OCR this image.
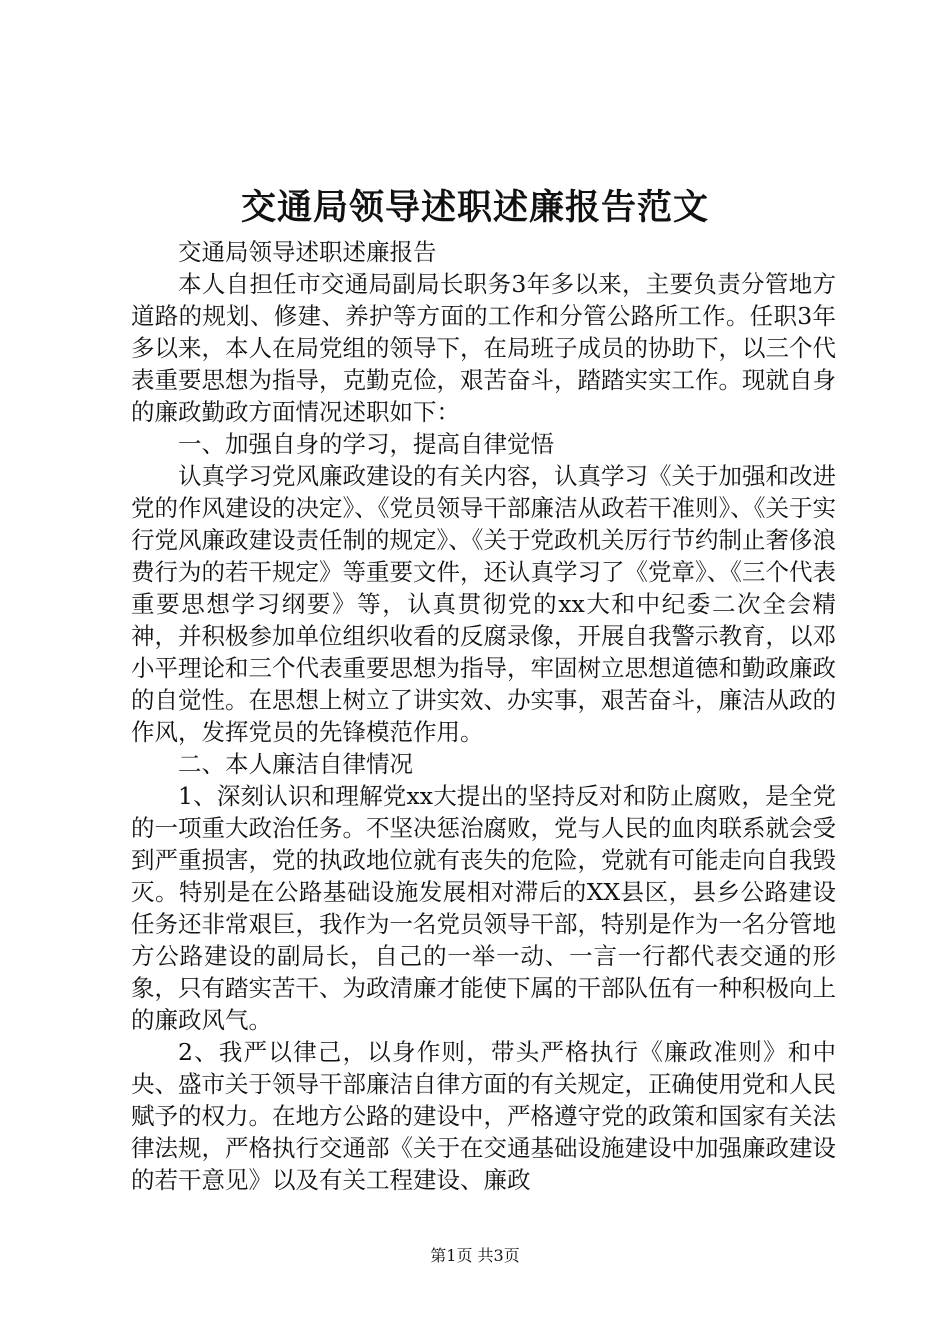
交通局领导述职述廉报告范文

交通局领导述职述廉报告

本人自担任市交通局副局长职务3年多以来，主要负责分管地方道路的规划、修建、养护等方面的工作和分管公路所工作。任职3年多以来，本人在局党组的领导下，在局班子成员的协助下，以三个代表重要思想为指导，克勤克俭，艰苦奋斗，踏踏实实工作。现就自身的廉政勤政方面情况述职如下：

一、加强自身的学习，提高自律觉悟

认真学习党风廉政建设的有关内容，认真学习《关于加强和改进党的作风建设的决定》、《党员领导干部廉洁从政若干准则》、《关于实行党风廉政建设责任制的规定》、《关于党政机关厉行节约制止奢侈浪费行为的若干规定》等重要文件，还认真学习了《党章》、《三个代表重要思想学习纲要》等，认真贯彻党的xx大和中纪委二次全会精神，并积极参加单位组织收看的反腐录像，开展自我警示教育，以邓小平理论和三个代表重要思想为指导，牢固树立思想道德和勤政廉政的自觉性。在思想上树立了讲实效、办实事，艰苦奋斗，廉洁从政的作风，发挥党员的先锋模范作用。

二、本人廉洁自律情况

1、深刻认识和理解党xx大提出的坚持反对和防止腐败，是全党的一项重大政治任务。不坚决惩治腐败，党与人民的血肉联系就会受到严重损害，党的执政地位就有丧失的危险，党就有可能走向自我毁灭。特别是在公路基础设施发展相对滞后的XX县区，县乡公路建设任务还非常艰巨，我作为一名党员领导干部，特别是作为一名分管地方公路建设的副局长，自己的一举一动、一言一行都代表交通的形象，只有踏实苦干、为政清廉才能使下属的干部队伍有一种积极向上的廉政风气。

2、我严以律己，以身作则，带头严格执行《廉政准则》和中央、盛市关于领导干部廉洁自律方面的有关规定，正确使用党和人民赋予的权力。在地方公路的建设中，严格遵守党的政策和国家有关法律法规，严格执行交通部《关于在交通基础设施建设中加强廉政建设的若干意见》以及有关工程建设、廉政

第1页 共3页
